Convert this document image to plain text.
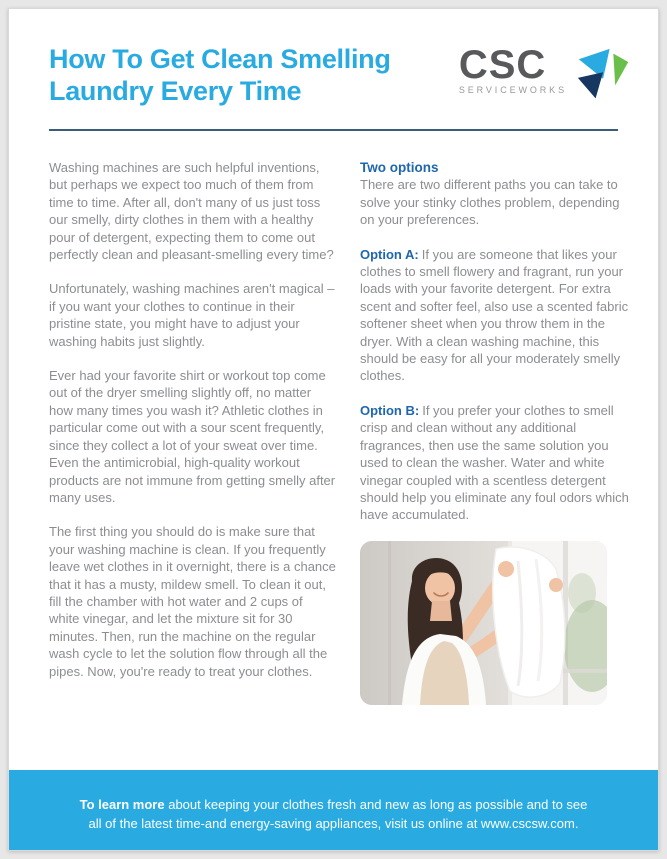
How To Get Clean Smelling
Laundry Every Time
CSC
SERVICEWORKS

Washing machines are such helpful inventions, but perhaps we expect too much of them from time to time. After all, don't many of us just toss our smelly, dirty clothes in them with a healthy pour of detergent, expecting them to come out perfectly clean and pleasant-smelling every time?

Unfortunately, washing machines aren't magical – if you want your clothes to continue in their pristine state, you might have to adjust your washing habits just slightly.

Ever had your favorite shirt or workout top come out of the dryer smelling slightly off, no matter how many times you wash it? Athletic clothes in particular come out with a sour scent frequently, since they collect a lot of your sweat over time. Even the antimicrobial, high-quality workout products are not immune from getting smelly after many uses.

The first thing you should do is make sure that your washing machine is clean. If you frequently leave wet clothes in it overnight, there is a chance that it has a musty, mildew smell. To clean it out, fill the chamber with hot water and 2 cups of white vinegar, and let the mixture sit for 30 minutes. Then, run the machine on the regular wash cycle to let the solution flow through all the pipes. Now, you're ready to treat your clothes.

Two options

There are two different paths you can take to solve your stinky clothes problem, depending on your preferences.

Option A: If you are someone that likes your clothes to smell flowery and fragrant, run your loads with your favorite detergent. For extra scent and softer feel, also use a scented fabric softener sheet when you throw them in the dryer. With a clean washing machine, this should be easy for all your moderately smelly clothes.

Option B: If you prefer your clothes to smell crisp and clean without any additional fragrances, then use the same solution you used to clean the washer. Water and white vinegar coupled with a scentless detergent should help you eliminate any foul odors which have accumulated.

To learn more about keeping your clothes fresh and new as long as possible and to see
all of the latest time-and energy-saving appliances, visit us online at www.cscsw.com.
